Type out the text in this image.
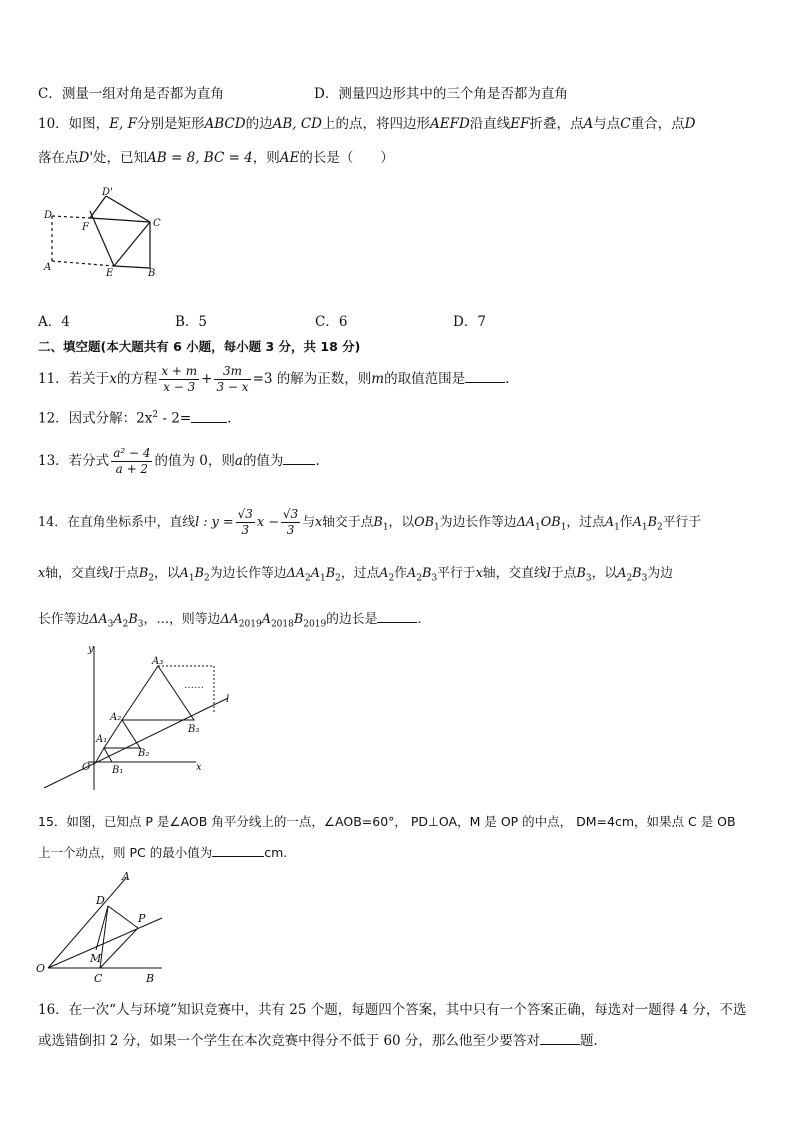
C．测量一组对角是否都为直角	D．测量四边形其中的三个角是否都为直角
10．如图，E, F分别是矩形ABCD的边AB, CD上的点，将四边形AEFD沿直线EF折叠，点A与点C重合，点D
落在点D'处，已知AB = 8, BC = 4，则AE的长是（　　）
D
D'
F	C
A
E	B
A．4	B．5	C．6	D．7
二、填空题(本大题共有 6 小题，每小题 3 分，共 18 分)
11．若关于x的方程 $\frac{x + m}{x - 3} + \frac{3m}{3 - x} =3$ 的解为正数，则m的取值范围是	.
12．因式分解：$2x^2 - 2=$	.
13．若分式 $\frac{\text{a² − 4}}{a + 2}$ 的值为 0，则a的值为 .
14．在直角坐标系中，直线l : $y = \frac{√3}{3}$ $x - \frac{√3}{3}$ 与x轴交于点$B_1$，以$OB_1$为边长作等边$\Delta A_1OB_1$，过点$A_1$作$A_1B_2$平行于
x轴，交直线l于点$B_2$，以$A_1B_2$为边长作等边$\Delta A_2A_1B_2$，过点$A_2$作$A_2B_3$平行于x轴，交直线l于点$B_3$，以$A_2B_3$为边
长作等边$\Delta A_3A_2B_3$，…，则等边$\Delta A_{2019}A_{2018}B_{2019}$的边长是	.
y
x
O
l
……
A₁
A₂
A₃
B₁
B₂
B₃
15．如图，已知点 P 是∠AOB 角平分线上的一点，∠AOB=60°， PD⊥OA，M 是 OP 的中点， DM=4cm，如果点 C 是 OB
上一个动点，则 PC 的最小值为	cm.
A
D
P
M
O
C	B
16．在一次“人与环境”知识竞赛中，共有 25 个题，每题四个答案，其中只有一个答案正确，每选对一题得 4 分，不选
或选错倒扣 2 分，如果一个学生在本次竞赛中得分不低于 60 分，那么他至少要答对	题.
